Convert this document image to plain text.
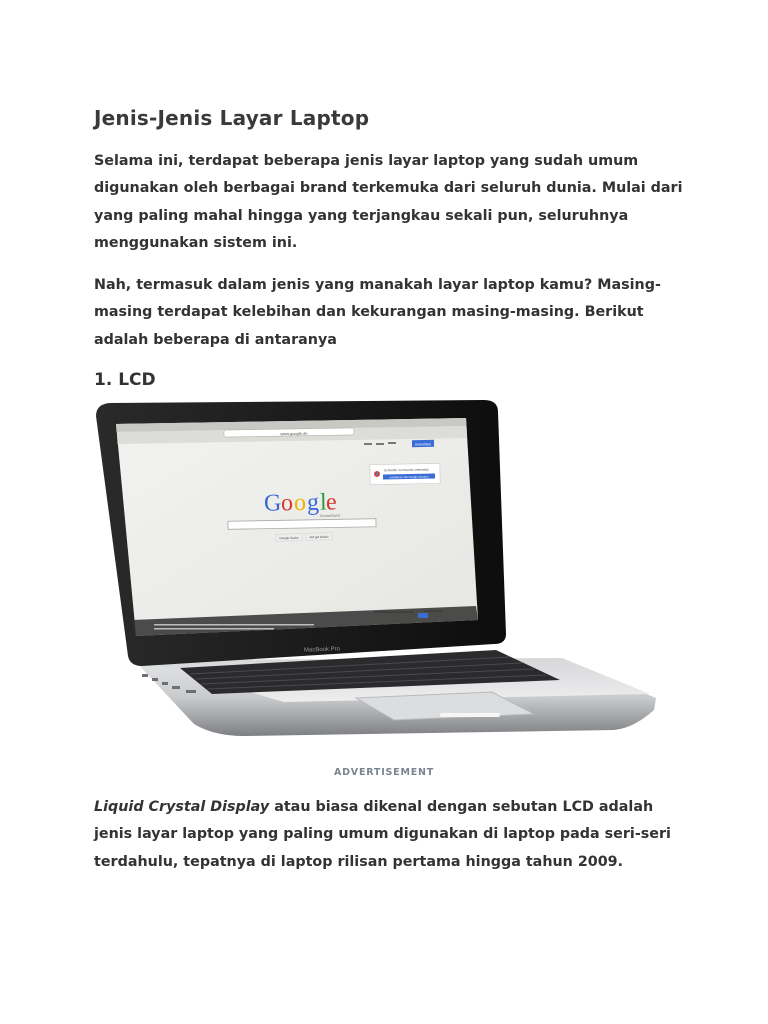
Jenis-Jenis Layar Laptop

Selama ini, terdapat beberapa jenis layar laptop yang sudah umum digunakan oleh berbagai brand terkemuka dari seluruh dunia. Mulai dari yang paling mahal hingga yang terjangkau sekali pun, seluruhnya menggunakan sistem ini.

Nah, termasuk dalam jenis yang manakah layar laptop kamu? Masing-masing terdapat kelebihan dan kekurangan masing-masing. Berikut adalah beberapa di antaranya

1. LCD
www.google.de
Anmelden
Schneller im Internet unterwegs
Installieren Sie Google Chrome
G o o g l
e
Deutschland
Google
Google-Suche	Auf gut Glück!
MacBook Pro
ADVERTISEMENT

Liquid Crystal Display atau biasa dikenal dengan sebutan LCD adalah jenis layar laptop yang paling umum digunakan di laptop pada seri-seri terdahulu, tepatnya di laptop rilisan pertama hingga tahun 2009.
